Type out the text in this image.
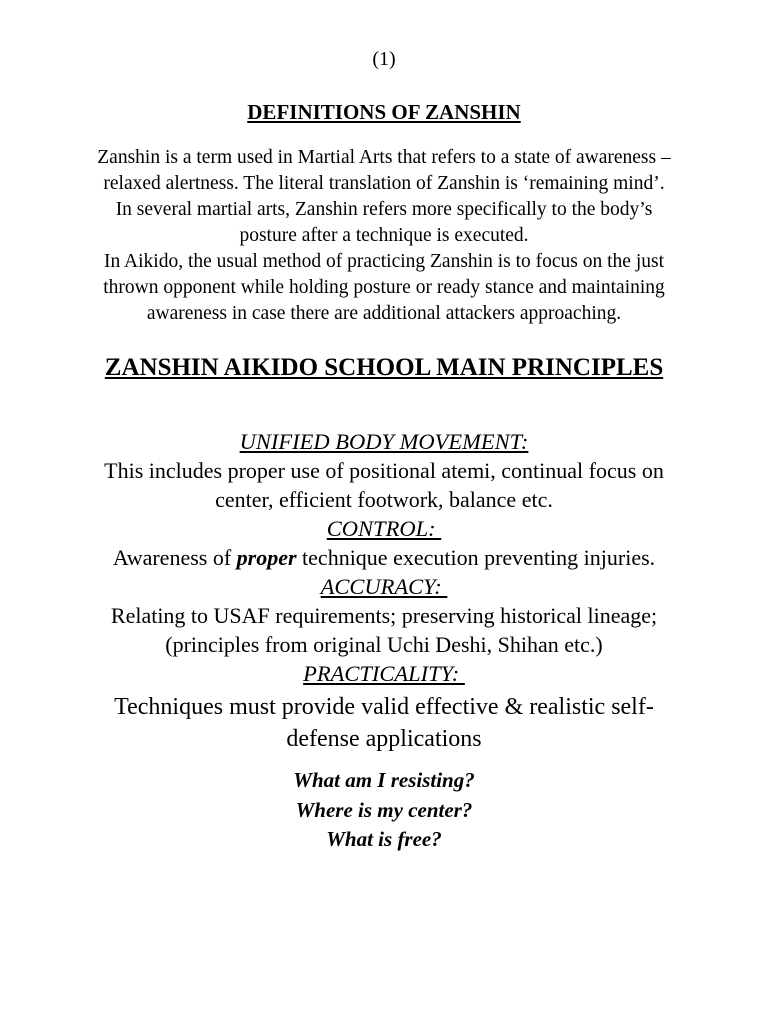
(1)
DEFINITIONS OF ZANSHIN
Zanshin is a term used in Martial Arts that refers to a state of awareness –
relaxed alertness. The literal translation of Zanshin is ‘remaining mind’.
In several martial arts, Zanshin refers more specifically to the body’s
posture after a technique is executed.
In Aikido, the usual method of practicing Zanshin is to focus on the just
thrown opponent while holding posture or ready stance and maintaining
awareness in case there are additional attackers approaching.
ZANSHIN AIKIDO SCHOOL MAIN PRINCIPLES
UNIFIED BODY MOVEMENT:
This includes proper use of positional atemi, continual focus on
center, efficient footwork, balance etc.
CONTROL:
Awareness of proper technique execution preventing injuries.
ACCURACY:
Relating to USAF requirements; preserving historical lineage;
(principles from original Uchi Deshi, Shihan etc.)
PRACTICALITY:
Techniques must provide valid effective & realistic self-
defense applications
What am I resisting?
Where is my center?
What is free?
